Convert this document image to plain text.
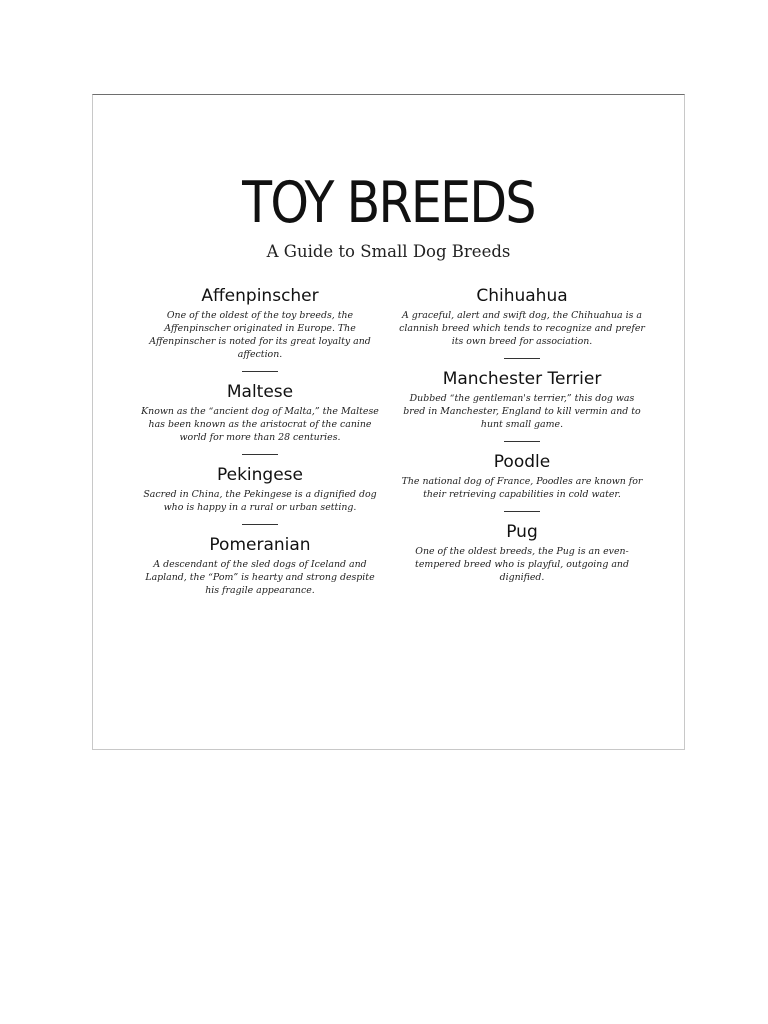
TOY BREEDS
A Guide to Small Dog Breeds
Affenpinscher
One of the oldest of the toy breeds, the Affenpinscher originated in Europe. The Affenpinscher is noted for its great loyalty and affection.
Maltese
Known as the “ancient dog of Malta,” the Maltese has been known as the aristocrat of the canine world for more than 28 centuries.
Pekingese
Sacred in China, the Pekingese is a dignified dog who is happy in a rural or urban setting.
Pomeranian
A descendant of the sled dogs of Iceland and Lapland, the “Pom” is hearty and strong despite his fragile appearance.
Chihuahua
A graceful, alert and swift dog, the Chihuahua is a clannish breed which tends to recognize and prefer its own breed for association.
Manchester Terrier
Dubbed “the gentleman's terrier,” this dog was bred in Manchester, England to kill vermin and to hunt small game.
Poodle
The national dog of France, Poodles are known for their retrieving capabilities in cold water.
Pug
One of the oldest breeds, the Pug is an even-tempered breed who is playful, outgoing and dignified.
